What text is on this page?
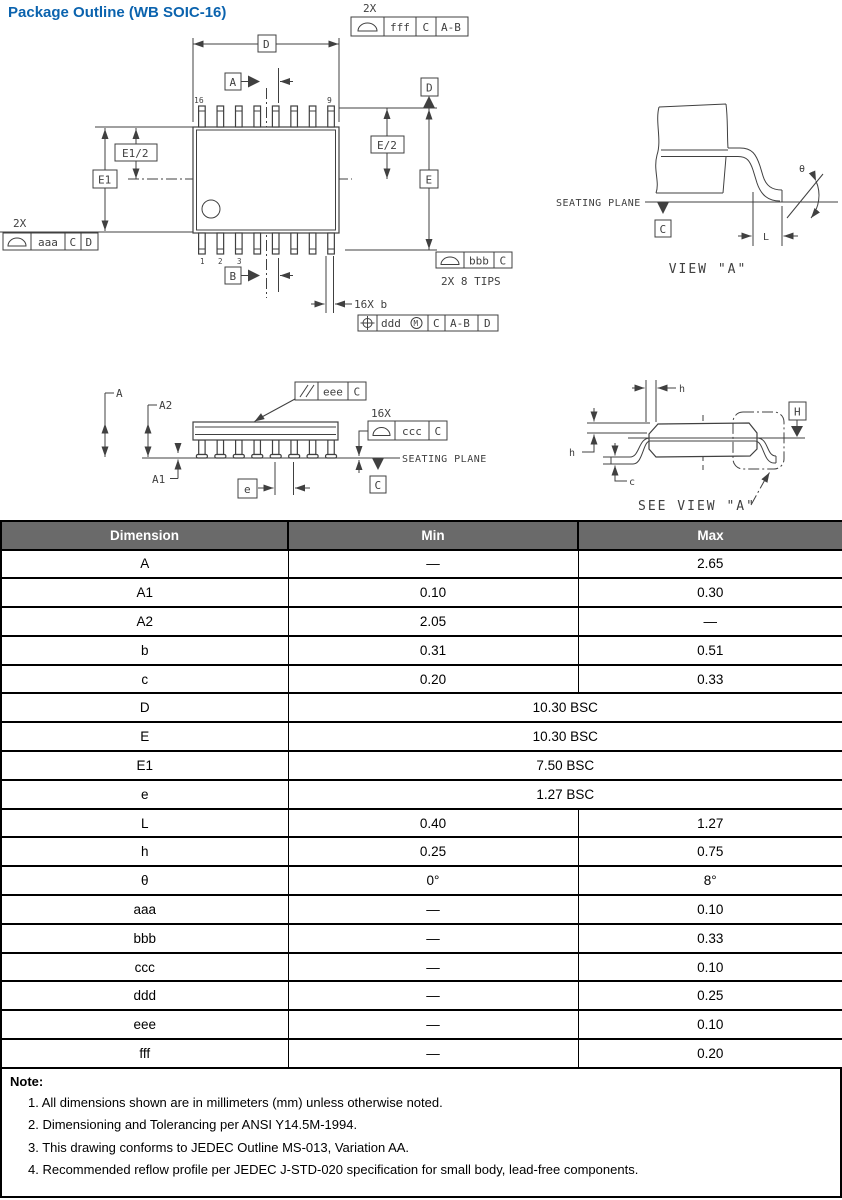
Package Outline (WB SOIC-16)
16	9
1 2 3
D
A
B
E1
E1/2
2X
aaa C D
2X
fff C A-B
D
E
E/2
bbb C
2X 8 TIPS
16X b
ddd M C A-B D
SEATING PLANE
C
L
θ
VIEW "A"
SEATING PLANE
C
A
A2
A1
e
eee C
16X
ccc C
h
h
c
H
SEE VIEW "A"
Dimension	Min	Max
A	—	2.65
A1	0.10	0.30
A2	2.05	—
b	0.31	0.51
c	0.20	0.33
D	10.30 BSC	
E	10.30 BSC	
E1	7.50 BSC	
e	1.27 BSC	
L	0.40	1.27
h	0.25	0.75
θ	0°	8°
aaa	—	0.10
bbb	—	0.33
ccc	—	0.10
ddd	—	0.25
eee	—	0.10
fff	—	0.20
Note:
1. All dimensions shown are in millimeters (mm) unless otherwise noted.
2. Dimensioning and Tolerancing per ANSI Y14.5M-1994.
3. This drawing conforms to JEDEC Outline MS-013, Variation AA.
4. Recommended reflow profile per JEDEC J-STD-020 specification for small body, lead-free components.
